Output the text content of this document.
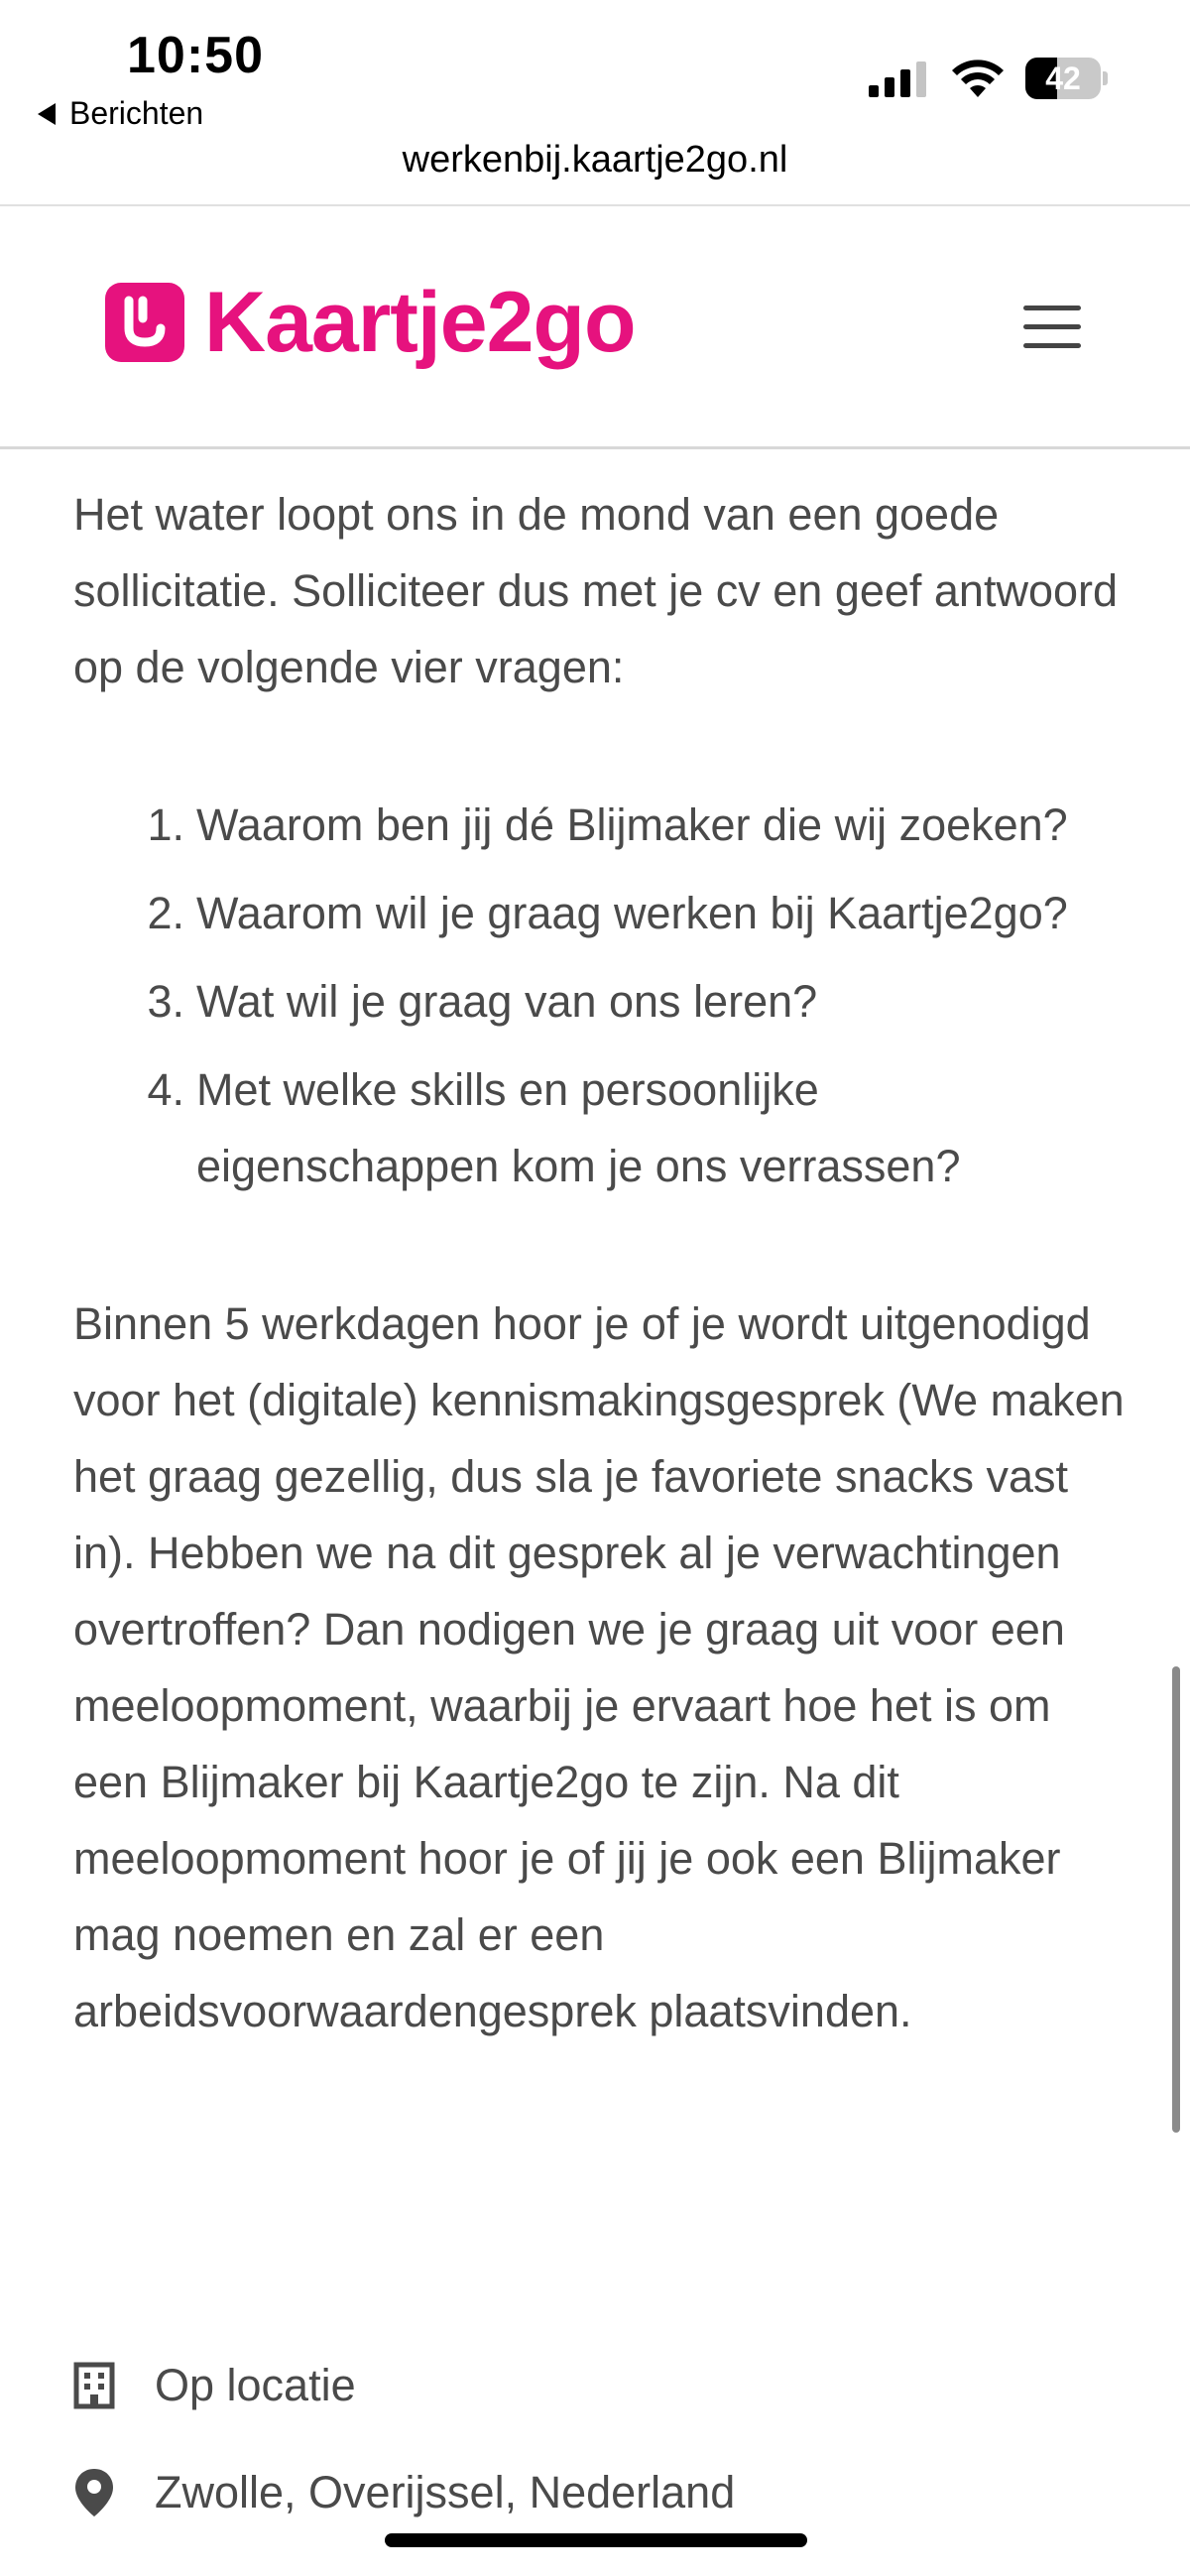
10:50
Berichten
42
werkenbij.kaartje2go.nl
Kaartje2go

Het water loopt ons in de mond van een goede sollicitatie. Solliciteer dus met je cv en geef antwoord op de volgende vier vragen:

1. Waarom ben jij dé Blijmaker die wij zoeken?
2. Waarom wil je graag werken bij Kaartje2go?
3. Wat wil je graag van ons leren?
4. Met welke skills en persoonlijke eigenschappen kom je ons verrassen?

Binnen 5 werkdagen hoor je of je wordt uitgenodigd voor het (digitale) kennismakingsgesprek (We maken het graag gezellig, dus sla je favoriete snacks vast in). Hebben we na dit gesprek al je verwachtingen overtroffen? Dan nodigen we je graag uit voor een meeloopmoment, waarbij je ervaart hoe het is om een Blijmaker bij Kaartje2go te zijn. Na dit meeloopmoment hoor je of jij je ook een Blijmaker mag noemen en zal er een arbeidsvoorwaardengesprek plaatsvinden.

Op locatie
Zwolle, Overijssel, Nederland
